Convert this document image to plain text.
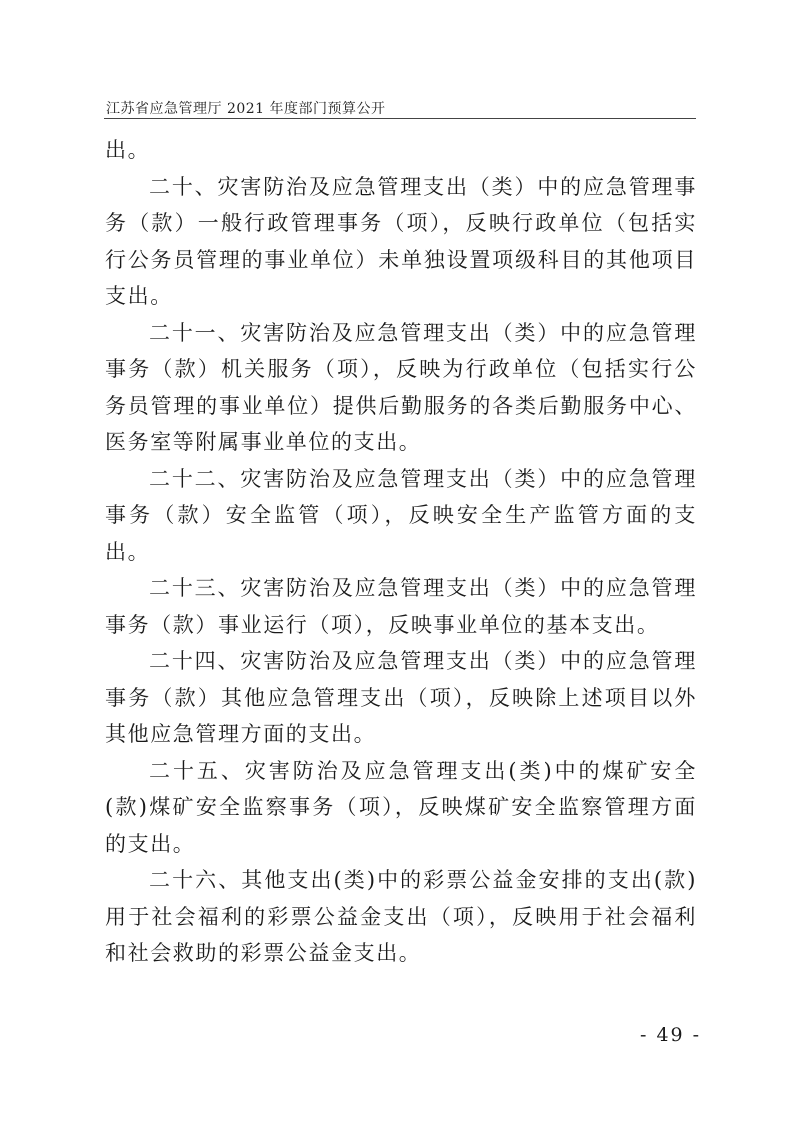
江苏省应急管理厅 2021 年度部门预算公开

出。

二十、灾害防治及应急管理支出（类）中的应急管理事务（款）一般行政管理事务（项），反映行政单位（包括实行公务员管理的事业单位）未单独设置项级科目的其他项目支出。

二十一、灾害防治及应急管理支出（类）中的应急管理事务（款）机关服务（项），反映为行政单位（包括实行公务员管理的事业单位）提供后勤服务的各类后勤服务中心、医务室等附属事业单位的支出。

二十二、灾害防治及应急管理支出（类）中的应急管理事务（款）安全监管（项），反映安全生产监管方面的支出。

二十三、灾害防治及应急管理支出（类）中的应急管理事务（款）事业运行（项），反映事业单位的基本支出。

二十四、灾害防治及应急管理支出（类）中的应急管理事务（款）其他应急管理支出（项），反映除上述项目以外其他应急管理方面的支出。

二十五、灾害防治及应急管理支出(类)中的煤矿安全(款)煤矿安全监察事务（项），反映煤矿安全监察管理方面的支出。

二十六、其他支出(类)中的彩票公益金安排的支出(款)用于社会福利的彩票公益金支出（项），反映用于社会福利和社会救助的彩票公益金支出。

- 49 -
